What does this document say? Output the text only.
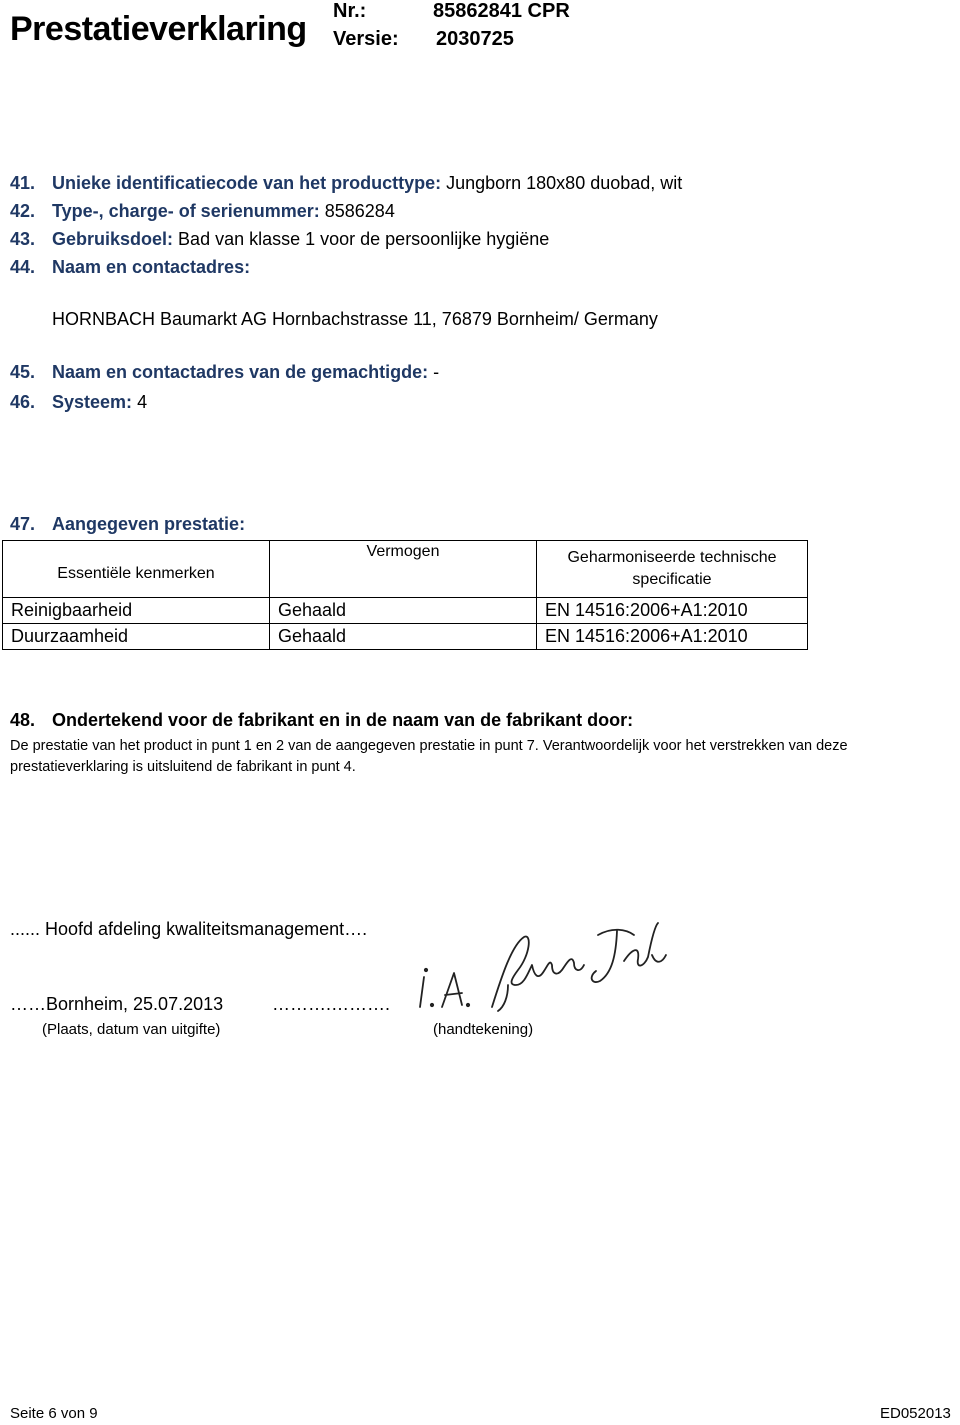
Prestatieverklaring Nr.:	85862841 CPR
Versie: 2030725
41. Unieke identificatiecode van het producttype: Jungborn 180x80 duobad, wit
42. Type-, charge- of serienummer: 8586284
43. Gebruiksdoel: Bad van klasse 1 voor de persoonlijke hygiëne
44. Naam en contactadres:
HORNBACH Baumarkt AG Hornbachstrasse 11, 76879 Bornheim/ Germany
45. Naam en contactadres van de gemachtigde: -
46. Systeem: 4
47. Aangegeven prestatie:
Essentiële kenmerken	Vermogen	Geharmoniseerde technische specificatie
Reinigbaarheid	Gehaald	EN 14516:2006+A1:2010
Duurzaamheid	Gehaald	EN 14516:2006+A1:2010
48. Ondertekend voor de fabrikant en in de naam van de fabrikant door:
De prestatie van het product in punt 1 en 2 van de aangegeven prestatie in punt 7. Verantwoordelijk voor het verstrekken van deze prestatieverklaring is uitsluitend de fabrikant in punt 4.
...... Hoofd afdeling kwaliteitsmanagement….
……Bornheim, 25.07.2013	……….……….
(Plaats, datum van uitgifte)	(handtekening)
Seite 6 von 9	ED052013
